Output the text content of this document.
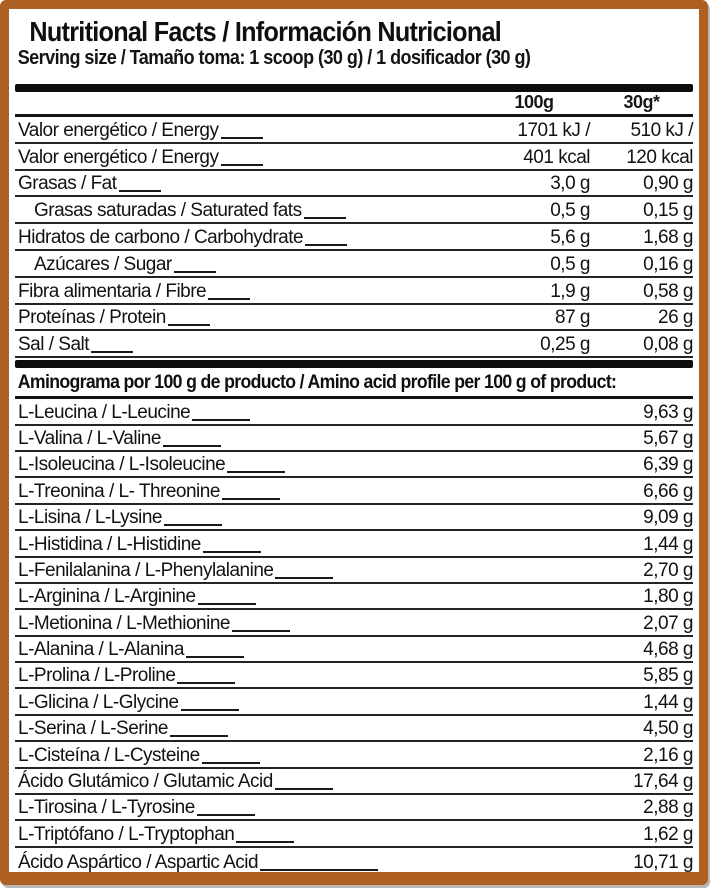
Nutritional Facts / Información Nutricional
Serving size / Tamaño toma: 1 scoop (30 g) / 1 dosificador (30 g)
100g	30g*
Valor energético / Energy	1701 kJ /	510 kJ /
Valor energético / Energy	401 kcal	120 kcal
Grasas / Fat	3,0 g	0,90 g
Grasas saturadas / Saturated fats	0,5 g	0,15 g
Hidratos de carbono / Carbohydrate	5,6 g	1,68 g
Azúcares / Sugar	0,5 g	0,16 g
Fibra alimentaria / Fibre	1,9 g	0,58 g
Proteínas / Protein	87 g	26 g
Sal / Salt	0,25 g	0,08 g
Aminograma por 100 g de producto / Amino acid profile per 100 g of product:
L-Leucina / L-Leucine	9,63 g
L-Valina / L-Valine	5,67 g
L-Isoleucina / L-Isoleucine	6,39 g
L-Treonina / L- Threonine	6,66 g
L-Lisina / L-Lysine	9,09 g
L-Histidina / L-Histidine	1,44 g
L-Fenilalanina / L-Phenylalanine	2,70 g
L-Arginina / L-Arginine	1,80 g
L-Metionina / L-Methionine	2,07 g
L-Alanina / L-Alanina	4,68 g
L-Prolina / L-Proline	5,85 g
L-Glicina / L-Glycine	1,44 g
L-Serina / L-Serine	4,50 g
L-Cisteína / L-Cysteine	2,16 g
Ácido Glutámico / Glutamic Acid	17,64 g
L-Tirosina / L-Tyrosine	2,88 g
L-Triptófano / L-Tryptophan	1,62 g
Ácido Aspártico / Aspartic Acid	10,71 g
